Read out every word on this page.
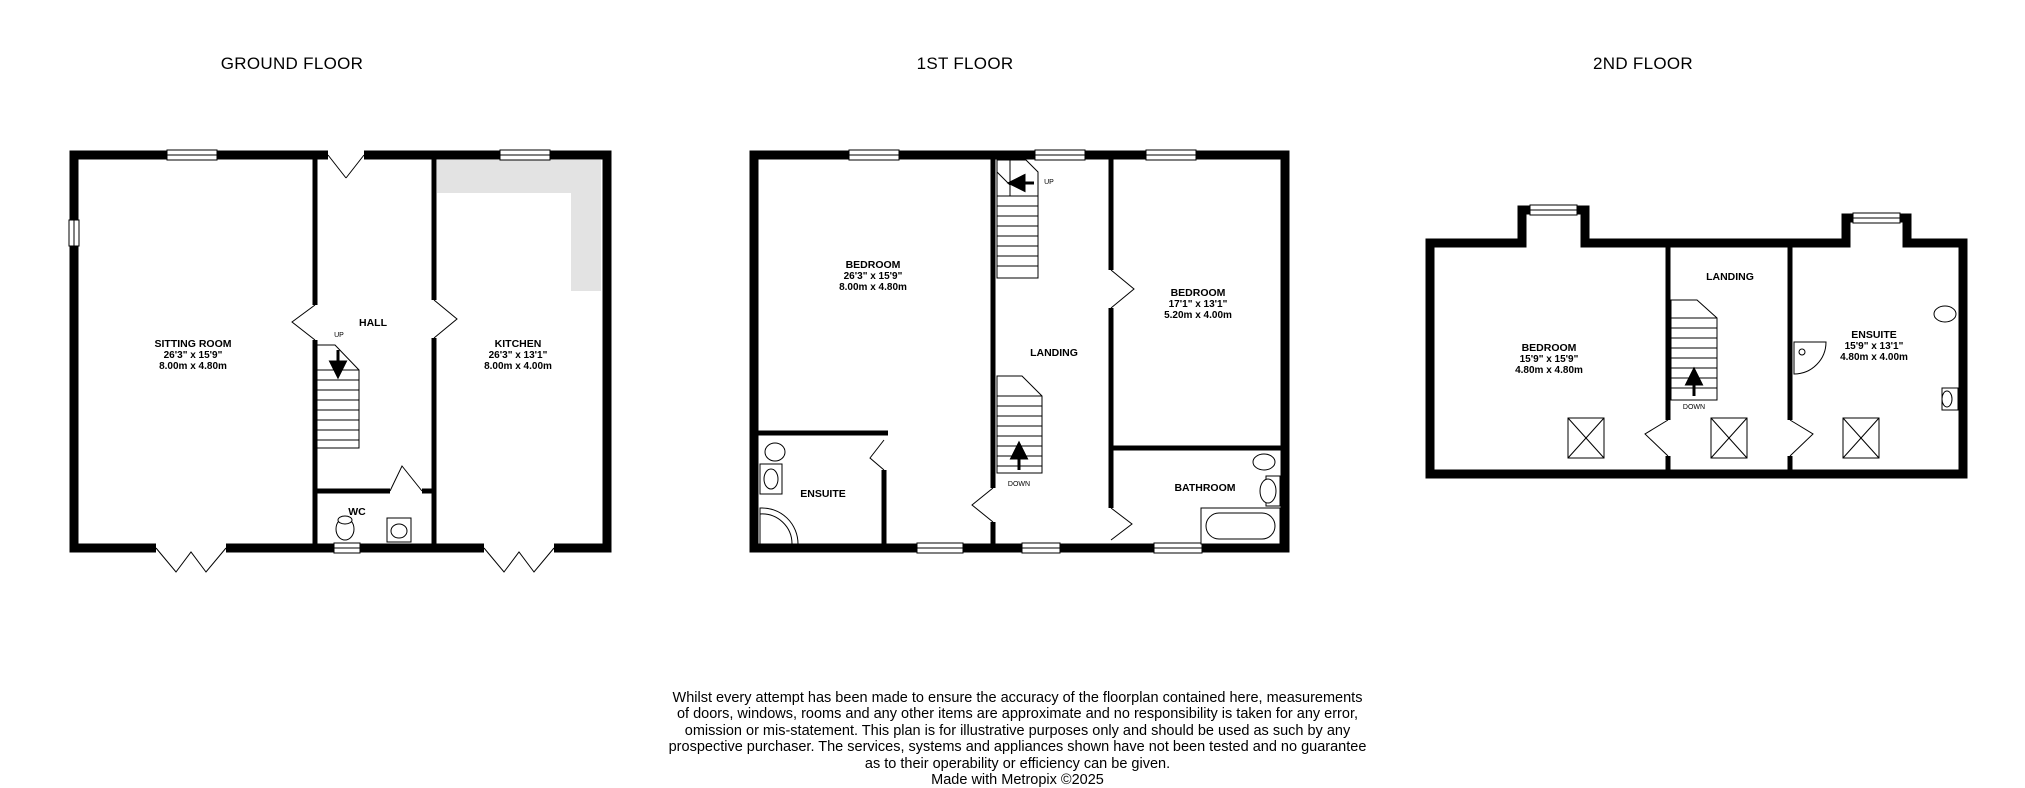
GROUND FLOOR	1ST FLOOR	2ND FLOOR
UP
SITTING ROOM
26'3" x 15'9"
8.00m x 4.80m
HALL
KITCHEN
26'3" x 13'1"
8.00m x 4.00m
WC
UP
DOWN
BEDROOM
26'3" x 15'9"
8.00m x 4.80m
LANDING
BEDROOM
17'1" x 13'1"
5.20m x 4.00m
ENSUITE	BATHROOM
DOWN
BEDROOM
15'9" x 15'9"
4.80m x 4.80m
LANDING
ENSUITE
15'9" x 13'1"
4.80m x 4.00m
Whilst every attempt has been made to ensure the accuracy of the floorplan contained here, measurements
of doors, windows, rooms and any other items are approximate and no responsibility is taken for any error,
omission or mis-statement. This plan is for illustrative purposes only and should be used as such by any
prospective purchaser. The services, systems and appliances shown have not been tested and no guarantee
as to their operability or efficiency can be given.
Made with Metropix ©2025
